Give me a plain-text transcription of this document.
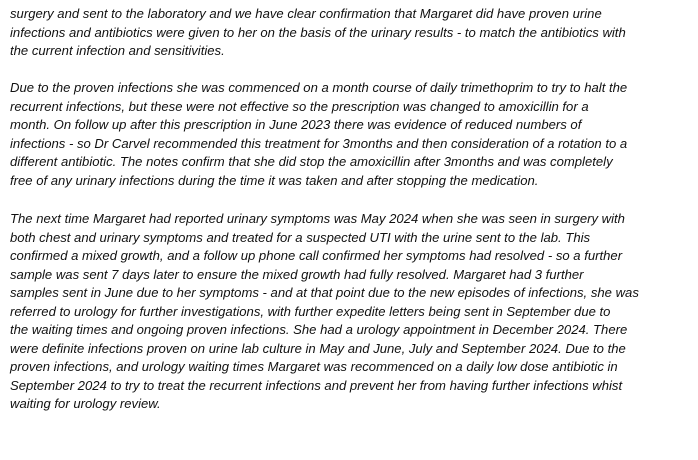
surgery and sent to the laboratory and we have clear confirmation that Margaret did have proven urine
infections and antibiotics were given to her on the basis of the urinary results - to match the antibiotics with
the current infection and sensitivities.
Due to the proven infections she was commenced on a month course of daily trimethoprim to try to halt the
recurrent infections, but these were not effective so the prescription was changed to amoxicillin for a
month. On follow up after this prescription in June 2023 there was evidence of reduced numbers of
infections - so Dr Carvel recommended this treatment for 3months and then consideration of a rotation to a
different antibiotic. The notes confirm that she did stop the amoxicillin after 3months and was completely
free of any urinary infections during the time it was taken and after stopping the medication.
The next time Margaret had reported urinary symptoms was May 2024 when she was seen in surgery with
both chest and urinary symptoms and treated for a suspected UTI with the urine sent to the lab. This
confirmed a mixed growth, and a follow up phone call confirmed her symptoms had resolved - so a further
sample was sent 7 days later to ensure the mixed growth had fully resolved. Margaret had 3 further
samples sent in June due to her symptoms - and at that point due to the new episodes of infections, she was
referred to urology for further investigations, with further expedite letters being sent in September due to
the waiting times and ongoing proven infections. She had a urology appointment in December 2024. There
were definite infections proven on urine lab culture in May and June, July and September 2024. Due to the
proven infections, and urology waiting times Margaret was recommenced on a daily low dose antibiotic in
September 2024 to try to treat the recurrent infections and prevent her from having further infections whist
waiting for urology review.
